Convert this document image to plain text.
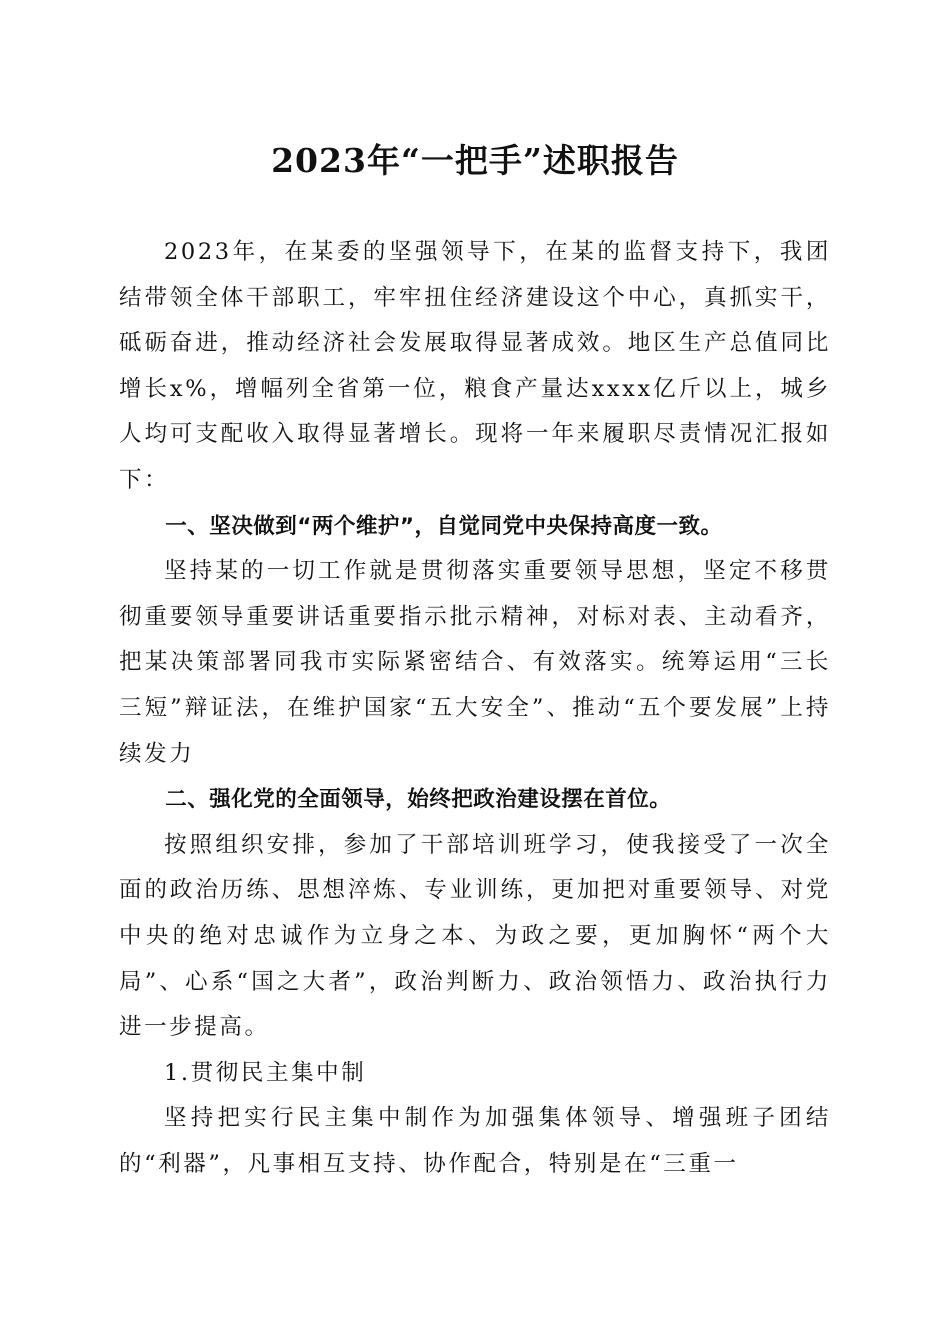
2023年“一把手”述职报告

2023年，在某委的坚强领导下，在某的监督支持下，我团结带领全体干部职工，牢牢扭住经济建设这个中心，真抓实干，砥砺奋进，推动经济社会发展取得显著成效。地区生产总值同比增长x%，增幅列全省第一位，粮食产量达xxxx亿斤以上，城乡人均可支配收入取得显著增长。现将一年来履职尽责情况汇报如下：

一、坚决做到“两个维护”，自觉同党中央保持高度一致。

坚持某的一切工作就是贯彻落实重要领导思想，坚定不移贯彻重要领导重要讲话重要指示批示精神，对标对表、主动看齐，把某决策部署同我市实际紧密结合、有效落实。统筹运用“三长三短”辩证法，在维护国家“五大安全”、推动“五个要发展”上持续发力

二、强化党的全面领导，始终把政治建设摆在首位。

按照组织安排，参加了干部培训班学习，使我接受了一次全面的政治历练、思想淬炼、专业训练，更加把对重要领导、对党中央的绝对忠诚作为立身之本、为政之要，更加胸怀“两个大局”、心系“国之大者”，政治判断力、政治领悟力、政治执行力进一步提高。

1.贯彻民主集中制

坚持把实行民主集中制作为加强集体领导、增强班子团结的“利器”，凡事相互支持、协作配合，特别是在“三重一
